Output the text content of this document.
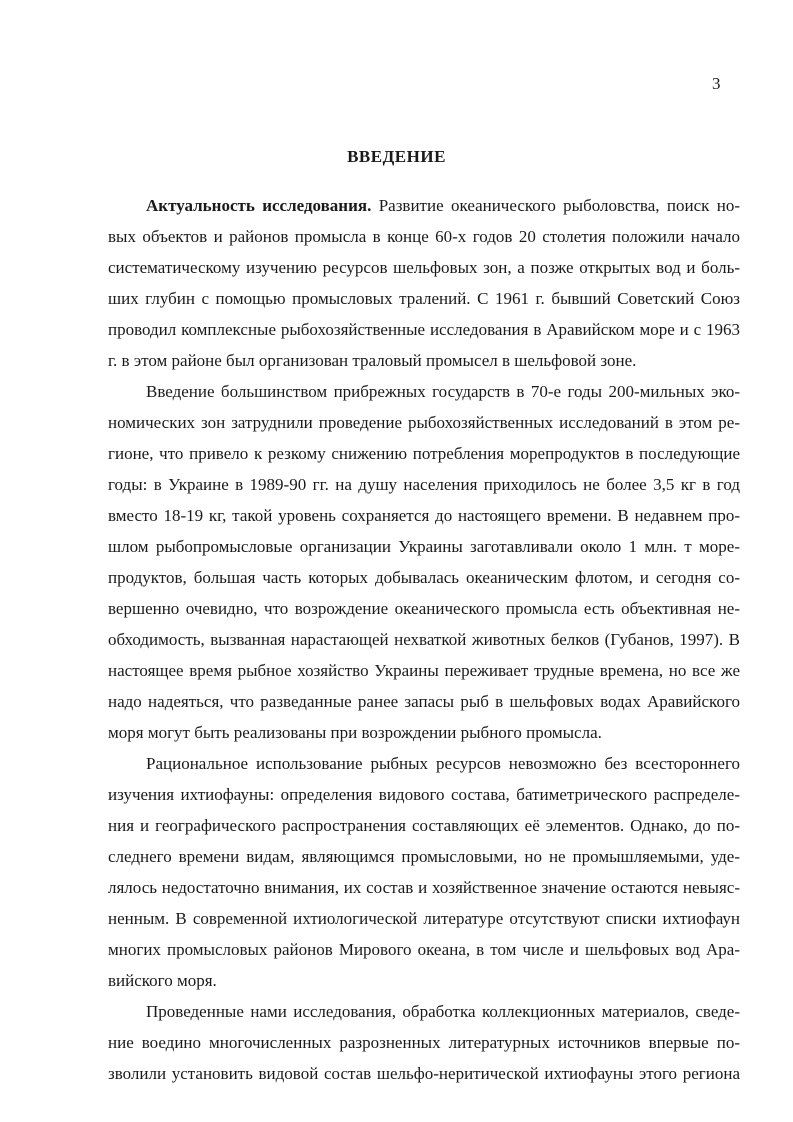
3
ВВЕДЕНИЕ
Актуальность исследования. Развитие океанического рыболовства, поиск но-
вых объектов и районов промысла в конце 60-х годов 20 столетия положили начало
систематическому изучению ресурсов шельфовых зон, а позже открытых вод и боль-
ших глубин с помощью промысловых тралений. С 1961 г. бывший Советский Союз
проводил комплексные рыбохозяйственные исследования в Аравийском море и с 1963
г. в этом районе был организован траловый промысел в шельфовой зоне.
Введение большинством прибрежных государств в 70-е годы 200-мильных эко-
номических зон затруднили проведение рыбохозяйственных исследований в этом ре-
гионе, что привело к резкому снижению потребления морепродуктов в последующие
годы: в Украине в 1989-90 гг. на душу населения приходилось не более 3,5 кг в год
вместо 18-19 кг, такой уровень сохраняется до настоящего времени. В недавнем про-
шлом рыбопромысловые организации Украины заготавливали около 1 млн. т море-
продуктов, большая часть которых добывалась океаническим флотом, и сегодня со-
вершенно очевидно, что возрождение океанического промысла есть объективная не-
обходимость, вызванная нарастающей нехваткой животных белков (Губанов, 1997). В
настоящее время рыбное хозяйство Украины переживает трудные времена, но все же
надо надеяться, что разведанные ранее запасы рыб в шельфовых водах Аравийского
моря могут быть реализованы при возрождении рыбного промысла.
Рациональное использование рыбных ресурсов невозможно без всестороннего
изучения ихтиофауны: определения видового состава, батиметрического распределе-
ния и географического распространения составляющих её элементов. Однако, до по-
следнего времени видам, являющимся промысловыми, но не промышляемыми, уде-
лялось недостаточно внимания, их состав и хозяйственное значение остаются невыяс-
ненным. В современной ихтиологической литературе отсутствуют списки ихтиофаун
многих промысловых районов Мирового океана, в том числе и шельфовых вод Ара-
вийского моря.
Проведенные нами исследования, обработка коллекционных материалов, сведе-
ние воедино многочисленных разрозненных литературных источников впервые по-
зволили установить видовой состав шельфо-неритической ихтиофауны этого региона
